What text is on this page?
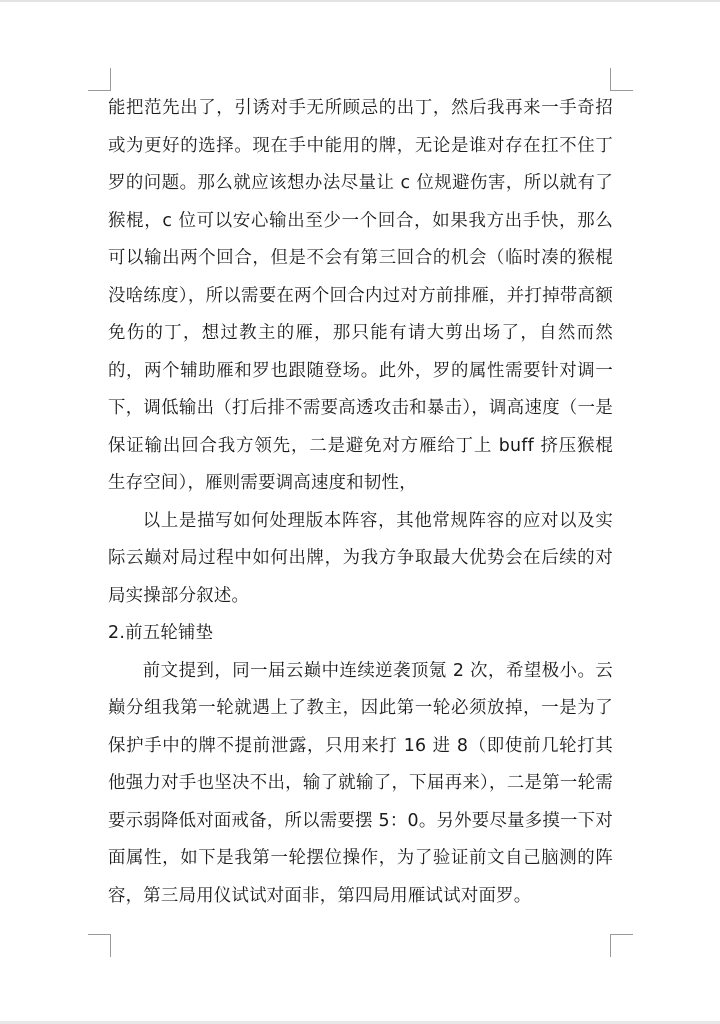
能把范先出了，引诱对手无所顾忌的出丁，然后我再来一手奇招或为更好的选择。现在手中能用的牌，无论是谁对存在扛不住丁罗的问题。那么就应该想办法尽量让 c 位规避伤害，所以就有了猴棍，c 位可以安心输出至少一个回合，如果我方出手快，那么可以输出两个回合，但是不会有第三回合的机会（临时凑的猴棍没啥练度），所以需要在两个回合内过对方前排雁，并打掉带高额免伤的丁，想过教主的雁，那只能有请大剪出场了，自然而然的，两个辅助雁和罗也跟随登场。此外，罗的属性需要针对调一下，调低输出（打后排不需要高透攻击和暴击），调高速度（一是保证输出回合我方领先，二是避免对方雁给丁上 buff 挤压猴棍生存空间），雁则需要调高速度和韧性，

以上是描写如何处理版本阵容，其他常规阵容的应对以及实际云巅对局过程中如何出牌，为我方争取最大优势会在后续的对局实操部分叙述。

2.前五轮铺垫

前文提到，同一届云巅中连续逆袭顶氪 2 次，希望极小。云巅分组我第一轮就遇上了教主，因此第一轮必须放掉，一是为了保护手中的牌不提前泄露，只用来打 16 进 8（即使前几轮打其他强力对手也坚决不出，输了就输了，下届再来），二是第一轮需要示弱降低对面戒备，所以需要摆 5：0。另外要尽量多摸一下对面属性，如下是我第一轮摆位操作，为了验证前文自己脑测的阵容，第三局用仪试试对面非，第四局用雁试试对面罗。
